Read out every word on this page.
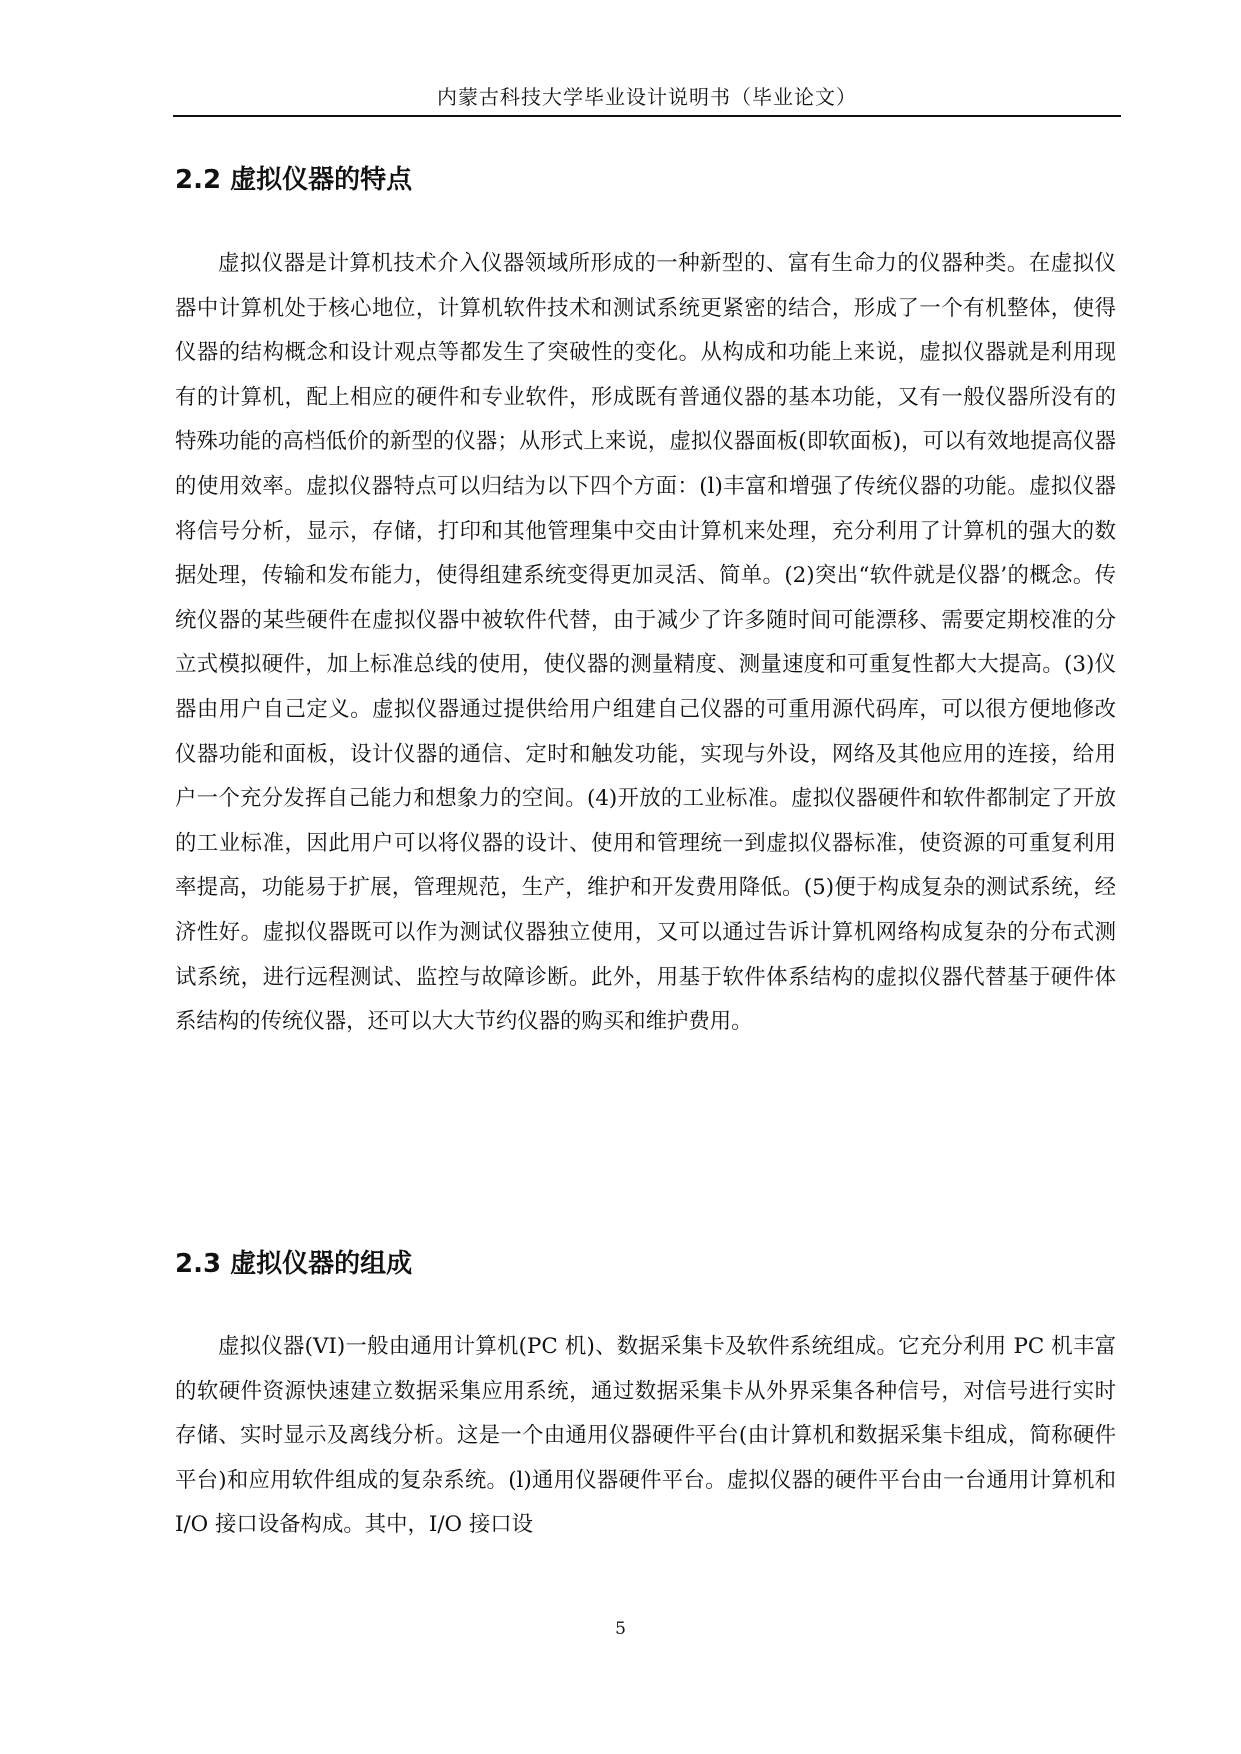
内蒙古科技大学毕业设计说明书（毕业论文）
2.2 虚拟仪器的特点

虚拟仪器是计算机技术介入仪器领域所形成的一种新型的、富有生命力的仪器种类。在虚拟仪器中计算机处于核心地位，计算机软件技术和测试系统更紧密的结合，形成了一个有机整体，使得仪器的结构概念和设计观点等都发生了突破性的变化。从构成和功能上来说，虚拟仪器就是利用现有的计算机，配上相应的硬件和专业软件，形成既有普通仪器的基本功能，又有一般仪器所没有的特殊功能的高档低价的新型的仪器；从形式上来说，虚拟仪器面板(即软面板)，可以有效地提高仪器的使用效率。虚拟仪器特点可以归结为以下四个方面：(l)丰富和增强了传统仪器的功能。虚拟仪器将信号分析，显示，存储，打印和其他管理集中交由计算机来处理，充分利用了计算机的强大的数据处理，传输和发布能力，使得组建系统变得更加灵活、简单。(2)突出“软件就是仪器’的概念。传统仪器的某些硬件在虚拟仪器中被软件代替，由于减少了许多随时间可能漂移、需要定期校准的分立式模拟硬件，加上标准总线的使用，使仪器的测量精度、测量速度和可重复性都大大提高。(3)仪器由用户自己定义。虚拟仪器通过提供给用户组建自己仪器的可重用源代码库，可以很方便地修改仪器功能和面板，设计仪器的通信、定时和触发功能，实现与外设，网络及其他应用的连接，给用户一个充分发挥自己能力和想象力的空间。(4)开放的工业标准。虚拟仪器硬件和软件都制定了开放的工业标准，因此用户可以将仪器的设计、使用和管理统一到虚拟仪器标准，使资源的可重复利用率提高，功能易于扩展，管理规范，生产，维护和开发费用降低。(5)便于构成复杂的测试系统，经济性好。虚拟仪器既可以作为测试仪器独立使用，又可以通过告诉计算机网络构成复杂的分布式测试系统，进行远程测试、监控与故障诊断。此外，用基于软件体系结构的虚拟仪器代替基于硬件体系结构的传统仪器，还可以大大节约仪器的购买和维护费用。

2.3 虚拟仪器的组成

虚拟仪器(VI)一般由通用计算机(PC 机)、数据采集卡及软件系统组成。它充分利用 PC 机丰富的软硬件资源快速建立数据采集应用系统，通过数据采集卡从外界采集各种信号，对信号进行实时存储、实时显示及离线分析。这是一个由通用仪器硬件平台(由计算机和数据采集卡组成，简称硬件平台)和应用软件组成的复杂系统。(l)通用仪器硬件平台。虚拟仪器的硬件平台由一台通用计算机和 I/O 接口设备构成。其中，I/O 接口设

5
